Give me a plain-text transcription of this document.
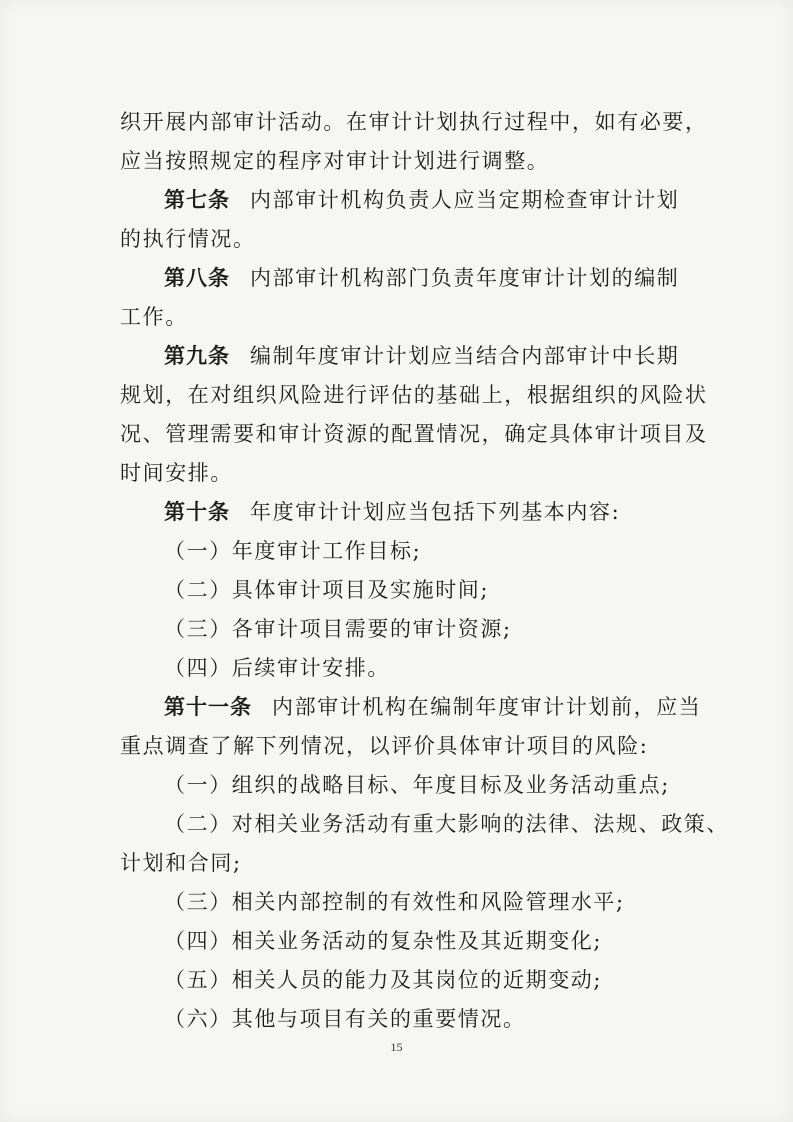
织开展内部审计活动。在审计计划执行过程中，如有必要，
应当按照规定的程序对审计计划进行调整。
第七条 内部审计机构负责人应当定期检查审计计划
的执行情况。
第八条 内部审计机构部门负责年度审计计划的编制
工作。
第九条 编制年度审计计划应当结合内部审计中长期
规划，在对组织风险进行评估的基础上，根据组织的风险状
况、管理需要和审计资源的配置情况，确定具体审计项目及
时间安排。
第十条 年度审计计划应当包括下列基本内容:
（一）年度审计工作目标;
（二）具体审计项目及实施时间;
（三）各审计项目需要的审计资源;
（四）后续审计安排。
第十一条 内部审计机构在编制年度审计计划前，应当
重点调查了解下列情况，以评价具体审计项目的风险:
（一）组织的战略目标、年度目标及业务活动重点;
（二）对相关业务活动有重大影响的法律、法规、政策、
计划和合同;
（三）相关内部控制的有效性和风险管理水平;
（四）相关业务活动的复杂性及其近期变化;
（五）相关人员的能力及其岗位的近期变动;
（六）其他与项目有关的重要情况。
15
